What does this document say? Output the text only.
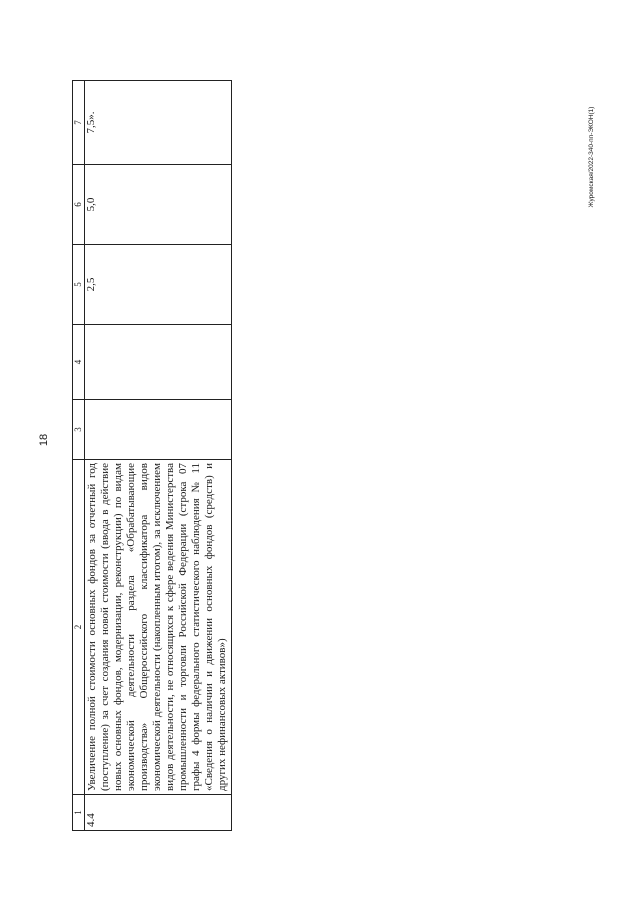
18
Журомская/2022-340-пп-ЭКОН(1)
1	2	3	4	5	6	7
4.4	Увеличение полной стоимости основных фондов за отчетный год (поступление) за счет создания новой стоимости (ввода в действие новых основных фондов, модернизации, реконструкции) по видам экономической деятельности раздела «Обрабатывающие производства» Общероссийского классификатора видов экономической деятельности (накопленным итогом), за исключением видов деятельности, не относящихся к сфере ведения Министерства промышленности и торговли Российской Федерации (строка 07 графы 4 формы федерального статистического наблюдения № 11 «Сведения о наличии и движении основных фондов (средств) и других нефинансовых активов»)			2,5	5,0	7,5».
